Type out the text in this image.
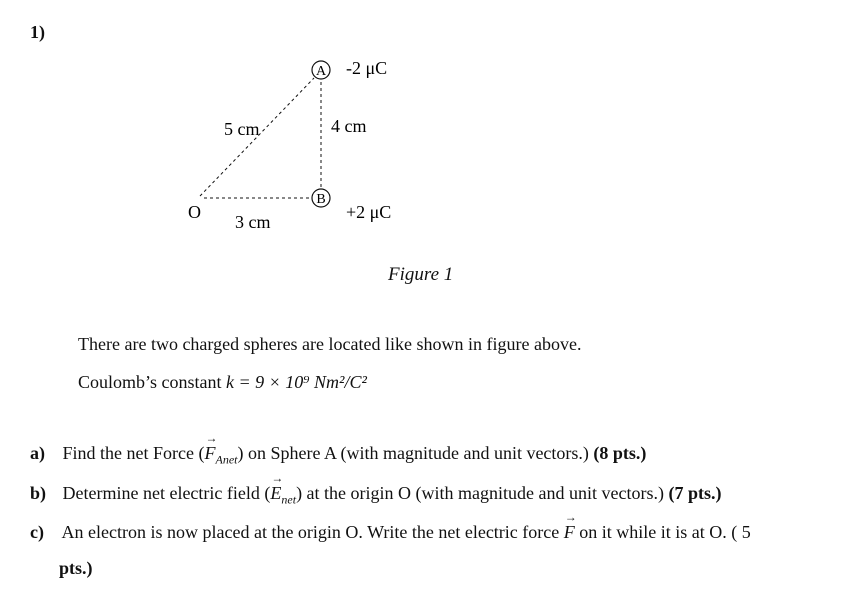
1)
A
B
-2 μC
+2 μC
5 cm	4 cm
3 cm
O
Figure 1
There are two charged spheres are located like shown in figure above.
Coulomb’s constant k = 9 × 10⁹ Nm²/C²
a) Find the net Force (
→
$F_{Anet}$) on Sphere A (with magnitude and unit vectors.) (8 pts.)
b) Determine net electric field (
→
$E_{net}$) at the origin O (with magnitude and unit vectors.) (7 pts.)
c) An electron is now placed at the origin O. Write the net electric force
→
F on it while it is at O. ( 5
pts.)
